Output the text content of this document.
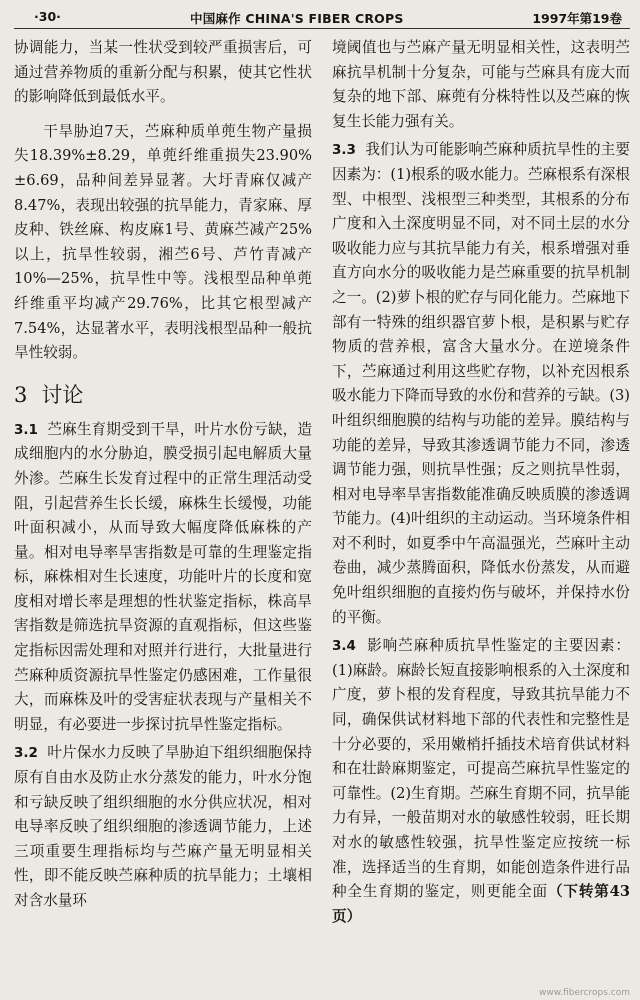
·30·	中国麻作 CHINA'S FIBER CROPS	1997年第19卷

协调能力，当某一性状受到较严重损害后，可通过营养物质的重新分配与积累，使其它性状的影响降低到最低水平。

干旱胁迫7天，苎麻种质单蔸生物产量损失18.39%±8.29，单蔸纤维重损失23.90%±6.69，品种间差异显著。大圩青麻仅减产8.47%，表现出较强的抗旱能力，青家麻、厚皮种、铁丝麻、构皮麻1号、黄麻苎减产25%以上，抗旱性较弱，湘苎6号、芦竹青减产10%—25%，抗旱性中等。浅根型品种单蔸纤维重平均减产29.76%，比其它根型减产7.54%，达显著水平，表明浅根型品种一般抗旱性较弱。

3 讨论

3.1 苎麻生育期受到干旱，叶片水份亏缺，造成细胞内的水分胁迫，膜受损引起电解质大量外渗。苎麻生长发育过程中的正常生理活动受阻，引起营养生长长缓，麻株生长缓慢，功能叶面积减小，从而导致大幅度降低麻株的产量。相对电导率旱害指数是可靠的生理鉴定指标，麻株相对生长速度，功能叶片的长度和宽度相对增长率是理想的性状鉴定指标，株高旱害指数是筛选抗旱资源的直观指标，但这些鉴定指标因需处理和对照并行进行，大批量进行苎麻种质资源抗旱性鉴定仍感困难，工作量很大，而麻株及叶的受害症状表现与产量相关不明显，有必要进一步探讨抗旱性鉴定指标。

3.2 叶片保水力反映了旱胁迫下组织细胞保持原有自由水及防止水分蒸发的能力，叶水分饱和亏缺反映了组织细胞的水分供应状况，相对电导率反映了组织细胞的渗透调节能力，上述三项重要生理指标均与苎麻产量无明显相关性，即不能反映苎麻种质的抗旱能力；土壤相对含水量环

境阈值也与苎麻产量无明显相关性，这表明苎麻抗旱机制十分复杂，可能与苎麻具有庞大而复杂的地下部、麻蔸有分株特性以及苎麻的恢复生长能力强有关。

3.3 我们认为可能影响苎麻种质抗旱性的主要因素为：(1)根系的吸水能力。苎麻根系有深根型、中根型、浅根型三种类型，其根系的分布广度和入土深度明显不同，对不同土层的水分吸收能力应与其抗旱能力有关，根系增强对垂直方向水分的吸收能力是苎麻重要的抗旱机制之一。(2)萝卜根的贮存与同化能力。苎麻地下部有一特殊的组织器官萝卜根，是积累与贮存物质的营养根，富含大量水分。在逆境条件下，苎麻通过利用这些贮存物，以补充因根系吸水能力下降而导致的水份和营养的亏缺。(3)叶组织细胞膜的结构与功能的差异。膜结构与功能的差异，导致其渗透调节能力不同，渗透调节能力强，则抗旱性强；反之则抗旱性弱，相对电导率旱害指数能准确反映质膜的渗透调节能力。(4)叶组织的主动运动。当环境条件相对不利时，如夏季中午高温强光，苎麻叶主动卷曲，减少蒸腾面积，降低水份蒸发，从而避免叶组织细胞的直接灼伤与破坏，并保持水份的平衡。

3.4 影响苎麻种质抗旱性鉴定的主要因素：(1)麻龄。麻龄长短直接影响根系的入土深度和广度，萝卜根的发育程度，导致其抗旱能力不同，确保供试材料地下部的代表性和完整性是十分必要的，采用嫩梢扦插技术培育供试材料和在壮龄麻期鉴定，可提高苎麻抗旱性鉴定的可靠性。(2)生育期。苎麻生育期不同，抗旱能力有异，一般苗期对水的敏感性较弱，旺长期对水的敏感性较强，抗旱性鉴定应按统一标准，选择适当的生育期，如能创造条件进行品种全生育期的鉴定，则更能全面（下转第43页）

www.fibercrops.com
